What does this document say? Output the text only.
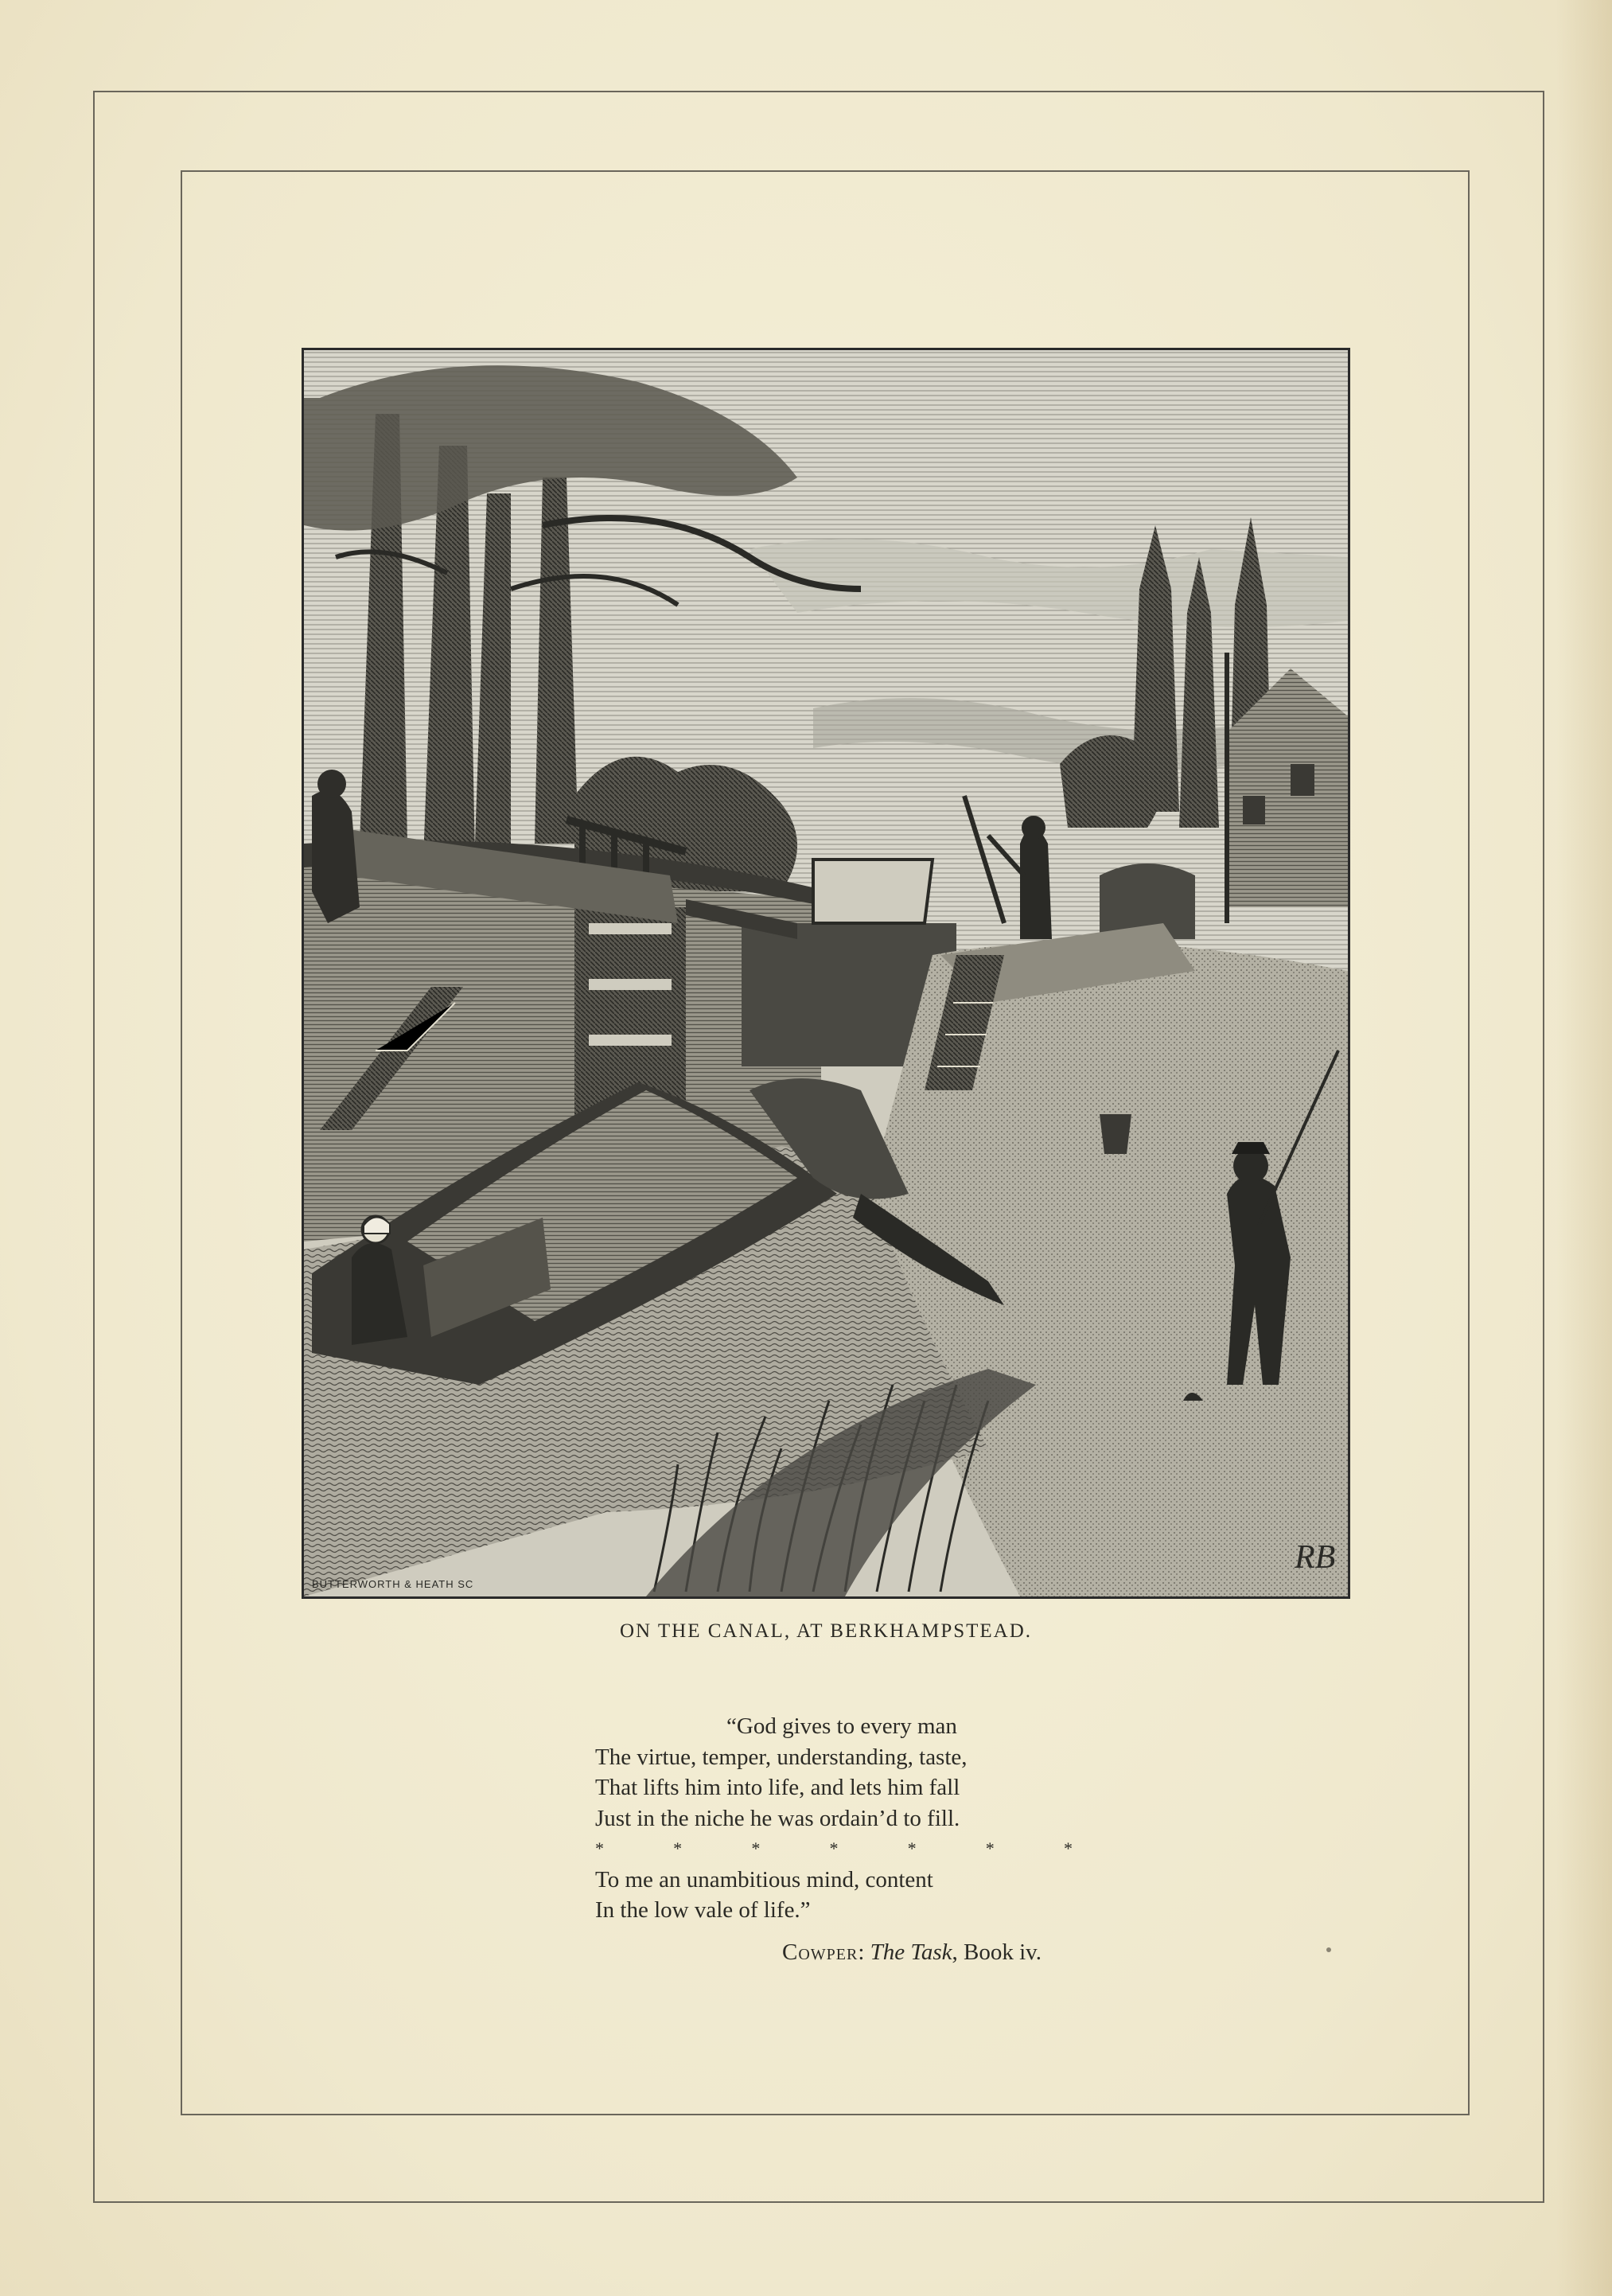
BUTTERWORTH & HEATH SC
RB
ON THE CANAL, AT BERKHAMPSTEAD.
“God gives to every man
The virtue, temper, understanding, taste,
That lifts him into life, and lets him fall
Just in the niche he was ordain’d to fill.
*	*	*	*	*	*	*
To me an unambitious mind, content
In the low vale of life.”
Cowper: The Task, Book iv.
